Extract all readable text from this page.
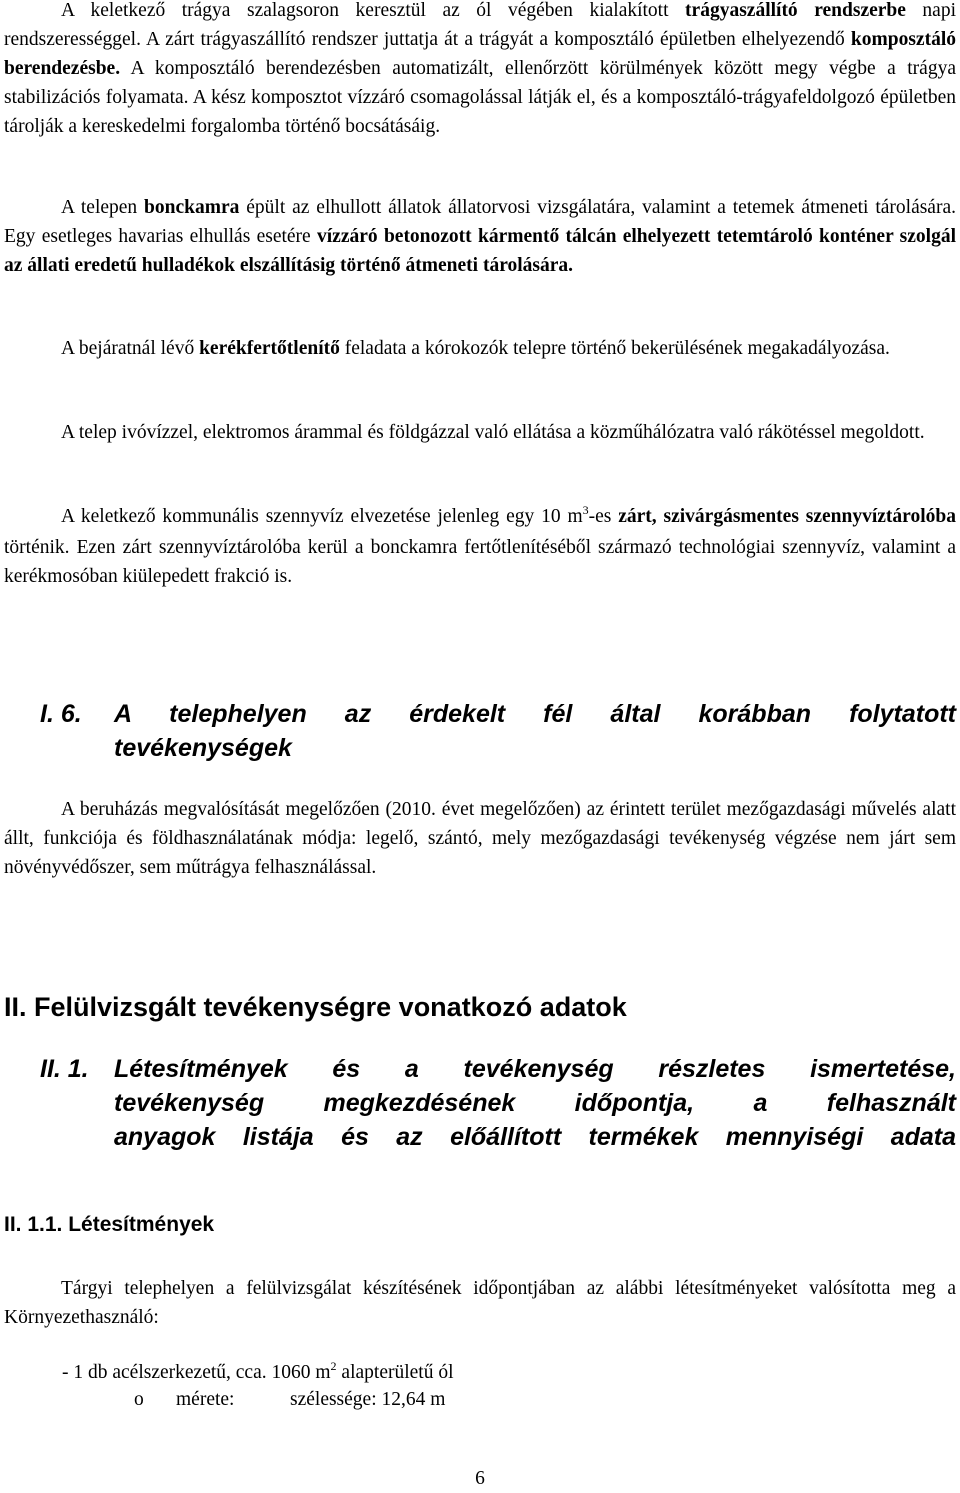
A keletkező trágya szalagsoron keresztül az ól végében kialakított trágyaszállító rendszerbe napi rendszerességgel. A zárt trágyaszállító rendszer juttatja át a trágyát a komposztáló épületben elhelyezendő komposztáló berendezésbe. A komposztáló berendezésben automatizált, ellenőrzött körülmények között megy végbe a trágya stabilizációs folyamata. A kész komposztot vízzáró csomagolással látják el, és a komposztáló-trágyafeldolgozó épületben tárolják a kereskedelmi forgalomba történő bocsátásáig.

A telepen bonckamra épült az elhullott állatok állatorvosi vizsgálatára, valamint a tetemek átmeneti tárolására. Egy esetleges havarias elhullás esetére vízzáró betonozott kármentő tálcán elhelyezett tetemtároló konténer szolgál az állati eredetű hulladékok elszállításig történő átmeneti tárolására.

A bejáratnál lévő kerékfertőtlenítő feladata a kórokozók telepre történő bekerülésének megakadályozása.

A telep ivóvízzel, elektromos árammal és földgázzal való ellátása a közműhálózatra való rákötéssel megoldott.

A keletkező kommunális szennyvíz elvezetése jelenleg egy 10 $m^3-es$ zárt, szivárgásmentes szennyvíztárolóba történik. Ezen zárt szennyvíztárolóba kerül a bonckamra fertőtlenítéséből származó technológiai szennyvíz, valamint a kerékmosóban kiülepedett frakció is.

I. 6. A telephelyen az érdekelt fél által korábban folytatott
tevékenységek

A beruházás megvalósítását megelőzően (2010. évet megelőzően) az érintett terület mezőgazdasági művelés alatt állt, funkciója és földhasználatának módja: legelő, szántó, mely mezőgazdasági tevékenység végzése nem járt sem növényvédőszer, sem műtrágya felhasználással.

II. Felülvizsgált tevékenységre vonatkozó adatok
II. 1. Létesítmények és a tevékenység részletes ismertetése,
tevékenység megkezdésének időpontja, a felhasznált
anyagok listája és az előállított termékek mennyiségi adata
II. 1.1. Létesítmények

Tárgyi telephelyen a felülvizsgálat készítésének időpontjában az alábbi létesítményeket valósította meg a Környezethasználó:

- 1 db acélszerkezetű, cca. 1060 $m^2$ alapterületű ól
o mérete:	szélessége: 12,64 m
6
